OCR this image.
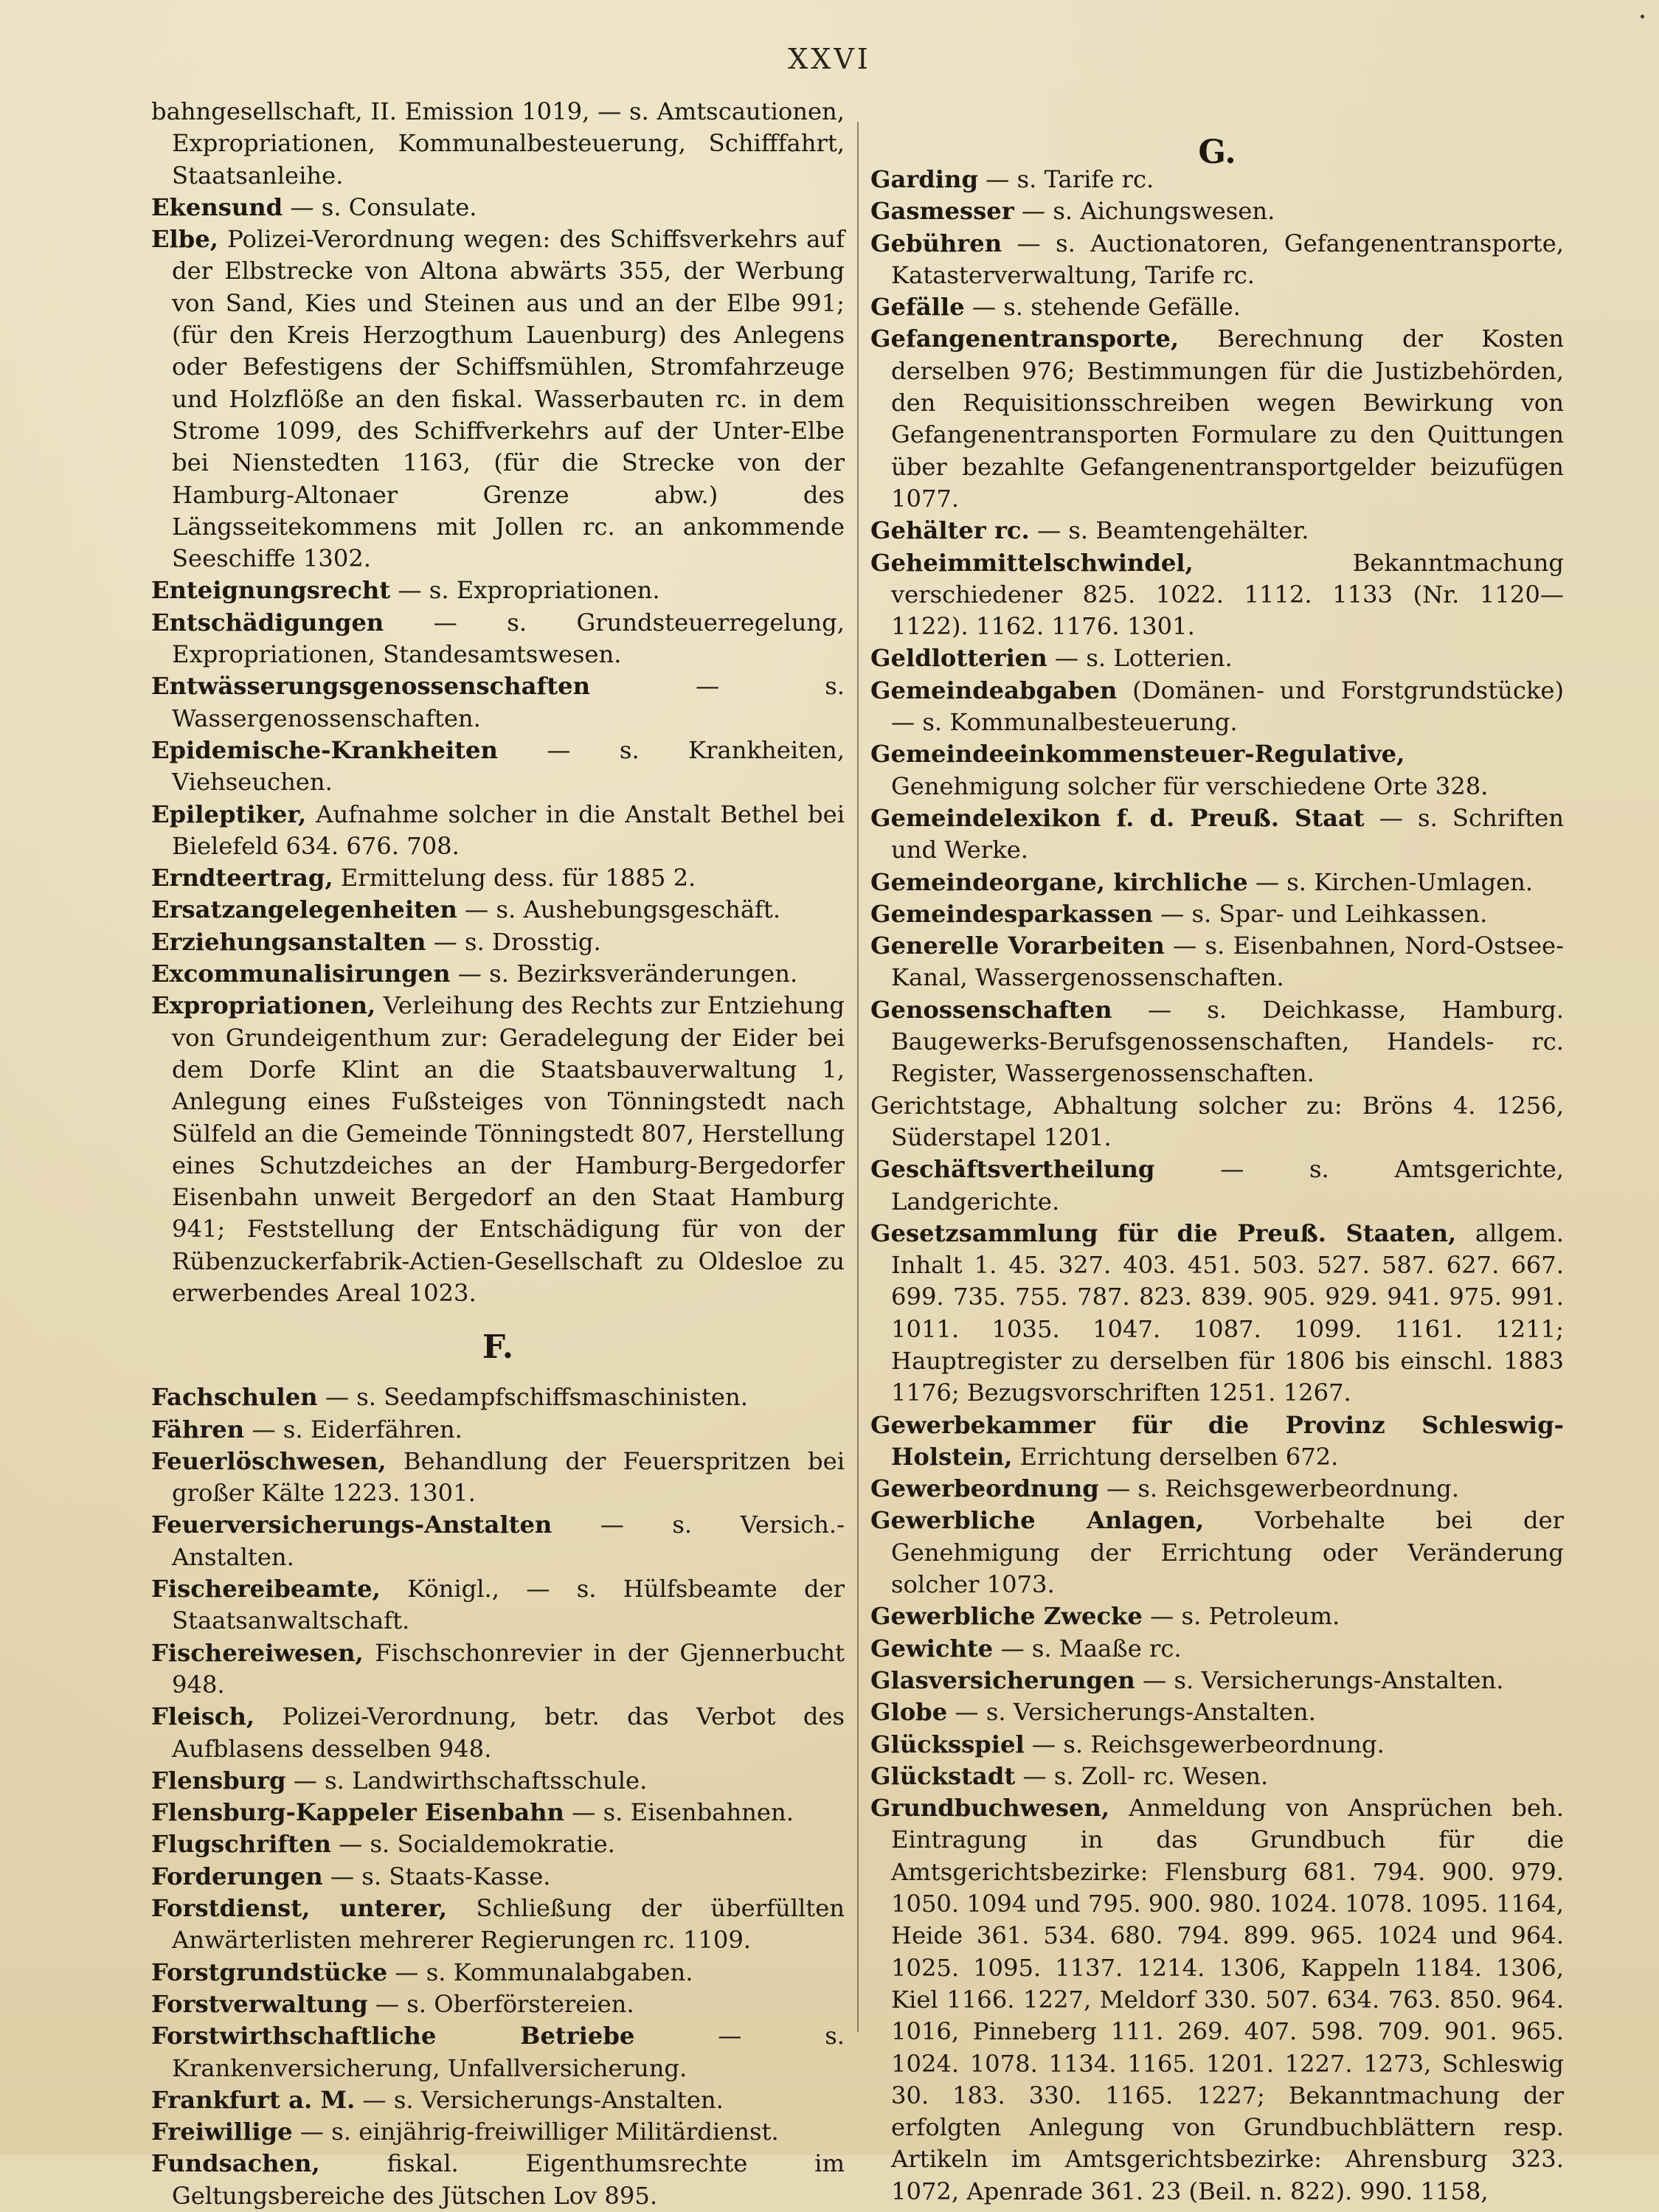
XXVI

bahngesellschaft, II. Emission 1019, — s. Amtscautionen, Expropriationen, Kommunalbesteuerung, Schifffahrt, Staatsanleihe.

Ekensund — s. Consulate.

Elbe, Polizei-Verordnung wegen: des Schiffsverkehrs auf der Elbstrecke von Altona abwärts 355, der Werbung von Sand, Kies und Steinen aus und an der Elbe 991; (für den Kreis Herzogthum Lauenburg) des Anlegens oder Befestigens der Schiffsmühlen, Stromfahrzeuge und Holzflöße an den fiskal. Wasserbauten rc. in dem Strome 1099, des Schiffverkehrs auf der Unter-Elbe bei Nienstedten 1163, (für die Strecke von der Hamburg-Altonaer Grenze abw.) des Längsseitekommens mit Jollen rc. an ankommende Seeschiffe 1302.

Enteignungsrecht — s. Expropriationen.

Entschädigungen — s. Grundsteuerregelung, Expropriationen, Standesamtswesen.

Entwässerungsgenossenschaften — s. Wassergenossenschaften.

Epidemische-Krankheiten — s. Krankheiten, Viehseuchen.

Epileptiker, Aufnahme solcher in die Anstalt Bethel bei Bielefeld 634. 676. 708.

Erndteertrag, Ermittelung dess. für 1885 2.

Ersatzangelegenheiten — s. Aushebungsgeschäft.

Erziehungsanstalten — s. Drosstig.

Excommunalisirungen — s. Bezirksveränderungen.

Expropriationen, Verleihung des Rechts zur Entziehung von Grundeigenthum zur: Geradelegung der Eider bei dem Dorfe Klint an die Staatsbauverwaltung 1, Anlegung eines Fußsteiges von Tönningstedt nach Sülfeld an die Gemeinde Tönningstedt 807, Herstellung eines Schutzdeiches an der Hamburg-Bergedorfer Eisenbahn unweit Bergedorf an den Staat Hamburg 941; Feststellung der Entschädigung für von der Rübenzuckerfabrik-Actien-Gesellschaft zu Oldesloe zu erwerbendes Areal 1023.

F.

Fachschulen — s. Seedampfschiffsmaschinisten.

Fähren — s. Eiderfähren.

Feuerlöschwesen, Behandlung der Feuerspritzen bei großer Kälte 1223. 1301.

Feuerversicherungs-Anstalten — s. Versich.-Anstalten.

Fischereibeamte, Königl., — s. Hülfsbeamte der Staatsanwaltschaft.

Fischereiwesen, Fischschonrevier in der Gjennerbucht 948.

Fleisch, Polizei-Verordnung, betr. das Verbot des Aufblasens desselben 948.

Flensburg — s. Landwirthschaftsschule.

Flensburg-Kappeler Eisenbahn — s. Eisenbahnen.

Flugschriften — s. Socialdemokratie.

Forderungen — s. Staats-Kasse.

Forstdienst, unterer, Schließung der überfüllten Anwärterlisten mehrerer Regierungen rc. 1109.

Forstgrundstücke — s. Kommunalabgaben.

Forstverwaltung — s. Oberförstereien.

Forstwirthschaftliche Betriebe — s. Krankenversicherung, Unfallversicherung.

Frankfurt a. M. — s. Versicherungs-Anstalten.

Freiwillige — s. einjährig-freiwilliger Militärdienst.

Fundsachen, fiskal. Eigenthumsrechte im Geltungsbereiche des Jütschen Lov 895.

G.

Garding — s. Tarife rc.

Gasmesser — s. Aichungswesen.

Gebühren — s. Auctionatoren, Gefangenentransporte, Katasterverwaltung, Tarife rc.

Gefälle — s. stehende Gefälle.

Gefangenentransporte, Berechnung der Kosten derselben 976; Bestimmungen für die Justizbehörden, den Requisitionsschreiben wegen Bewirkung von Gefangenentransporten Formulare zu den Quittungen über bezahlte Gefangenentransportgelder beizufügen 1077.

Gehälter rc. — s. Beamtengehälter.

Geheimmittelschwindel, Bekanntmachung verschiedener 825. 1022. 1112. 1133 (Nr. 1120—1122). 1162. 1176. 1301.

Geldlotterien — s. Lotterien.

Gemeindeabgaben (Domänen- und Forstgrundstücke) — s. Kommunalbesteuerung.

Gemeindeeinkommensteuer-Regulative, Genehmigung solcher für verschiedene Orte 328.

Gemeindelexikon f. d. Preuß. Staat — s. Schriften und Werke.

Gemeindeorgane, kirchliche — s. Kirchen-Umlagen.

Gemeindesparkassen — s. Spar- und Leihkassen.

Generelle Vorarbeiten — s. Eisenbahnen, Nord-Ostsee-Kanal, Wassergenossenschaften.

Genossenschaften — s. Deichkasse, Hamburg. Baugewerks-Berufsgenossenschaften, Handels- rc. Register, Wassergenossenschaften.

Gerichtstage, Abhaltung solcher zu: Bröns 4. 1256, Süderstapel 1201.

Geschäftsvertheilung — s. Amtsgerichte, Landgerichte.

Gesetzsammlung für die Preuß. Staaten, allgem. Inhalt 1. 45. 327. 403. 451. 503. 527. 587. 627. 667. 699. 735. 755. 787. 823. 839. 905. 929. 941. 975. 991. 1011. 1035. 1047. 1087. 1099. 1161. 1211; Hauptregister zu derselben für 1806 bis einschl. 1883 1176; Bezugsvorschriften 1251. 1267.

Gewerbekammer für die Provinz Schleswig-Holstein, Errichtung derselben 672.

Gewerbeordnung — s. Reichsgewerbeordnung.

Gewerbliche Anlagen, Vorbehalte bei der Genehmigung der Errichtung oder Veränderung solcher 1073.

Gewerbliche Zwecke — s. Petroleum.

Gewichte — s. Maaße rc.

Glasversicherungen — s. Versicherungs-Anstalten.

Globe — s. Versicherungs-Anstalten.

Glücksspiel — s. Reichsgewerbeordnung.

Glückstadt — s. Zoll- rc. Wesen.

Grundbuchwesen, Anmeldung von Ansprüchen beh. Eintragung in das Grundbuch für die Amtsgerichtsbezirke: Flensburg 681. 794. 900. 979. 1050. 1094 und 795. 900. 980. 1024. 1078. 1095. 1164, Heide 361. 534. 680. 794. 899. 965. 1024 und 964. 1025. 1095. 1137. 1214. 1306, Kappeln 1184. 1306, Kiel 1166. 1227, Meldorf 330. 507. 634. 763. 850. 964. 1016, Pinneberg 111. 269. 407. 598. 709. 901. 965. 1024. 1078. 1134. 1165. 1201. 1227. 1273, Schleswig 30. 183. 330. 1165. 1227; Bekanntmachung der erfolgten Anlegung von Grundbuchblättern resp. Artikeln im Amtsgerichtsbezirke: Ahrensburg 323. 1072, Apenrade 361. 23 (Beil. n. 822). 990. 1158,
